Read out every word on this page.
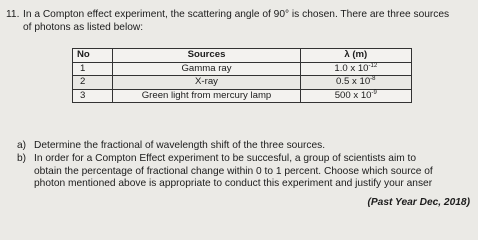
11. In a Compton effect experiment, the scattering angle of 90° is chosen. There are three sources
of photons as listed below:

No	Sources	λ (m)
1	Gamma ray	1.0 x $10^{-12}$
2	X-ray	0.5 x $10^{-8}$
3	Green light from mercury lamp	500 x $10^{-9}$

a) Determine the fractional of wavelength shift of the three sources.

b) In order for a Compton Effect experiment to be succesful, a group of scientists aim to
obtain the percentage of fractional change within 0 to 1 percent. Choose which source of
photon mentioned above is appropriate to conduct this experiment and justify your anser

(Past Year Dec, 2018)
